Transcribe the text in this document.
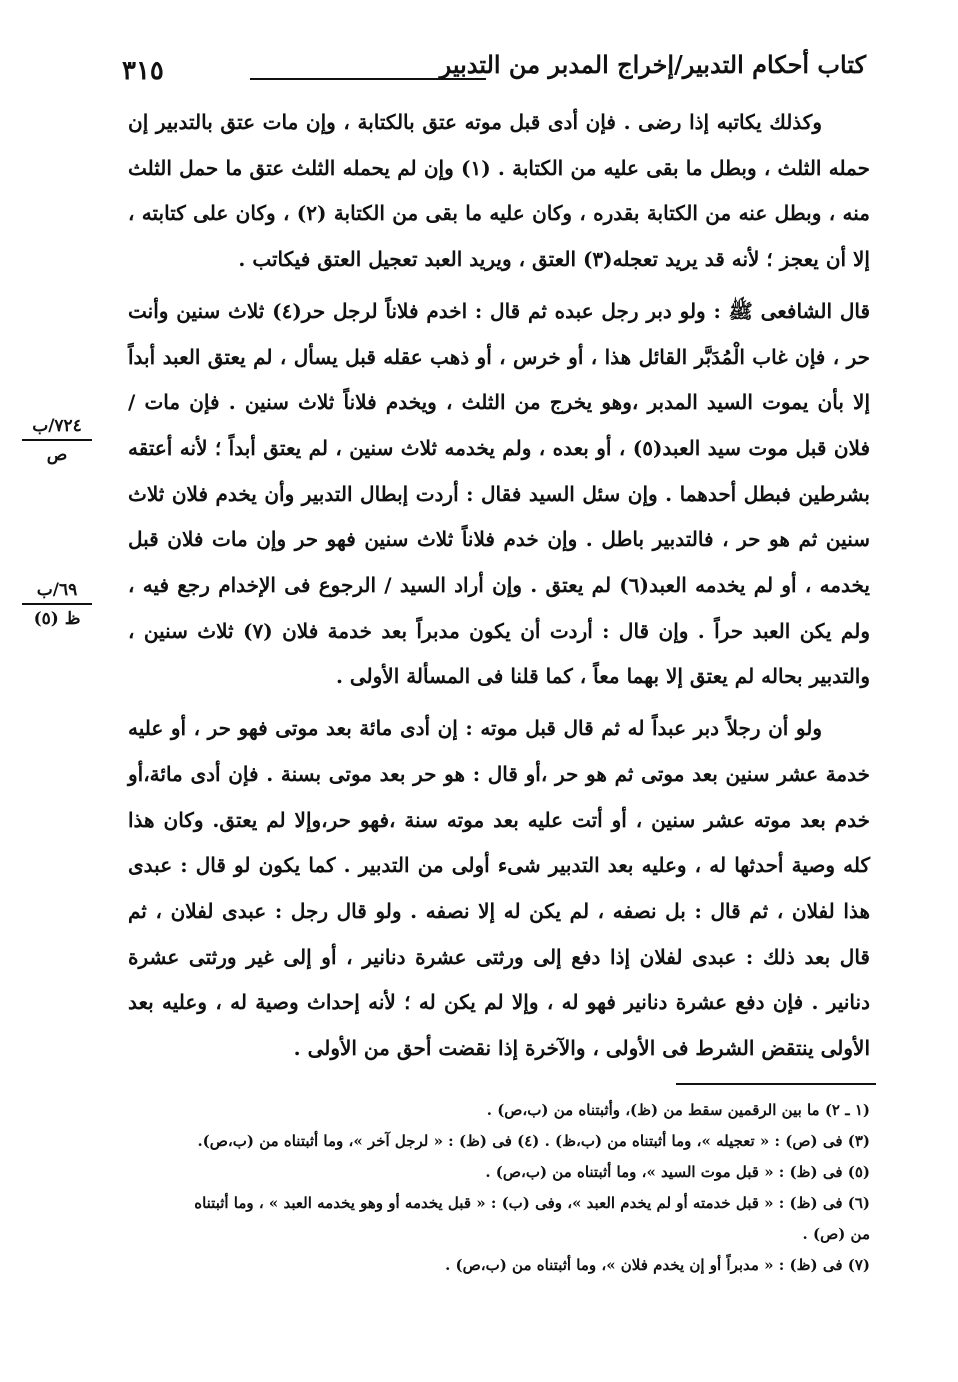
٣١٥	كتاب أحكام التدبير/إخراج المدبر من التدبير

وكذلك يكاتبه إذا رضى . فإن أدى قبل موته عتق بالكتابة ، وإن مات عتق بالتدبير إن حمله الثلث ، وبطل ما بقى عليه من الكتابة . (١) وإن لم يحمله الثلث عتق ما حمل الثلث منه ، وبطل عنه من الكتابة بقدره ، وكان عليه ما بقى من الكتابة (٢) ، وكان على كتابته ، إلا أن يعجز ؛ لأنه قد يريد تعجله(٣) العتق ، ويريد العبد تعجيل العتق فيكاتب .

قال الشافعى ﷺ : ولو دبر رجل عبده ثم قال : اخدم فلاناً لرجل حر(٤) ثلاث سنين وأنت حر ، فإن غاب الْمُدَبَّر القائل هذا ، أو خرس ، أو ذهب عقله قبل يسأل ، لم يعتق العبد أبداً إلا بأن يموت السيد المدبر ،وهو يخرج من الثلث ، ويخدم فلاناً ثلاث سنين . فإن مات / فلان قبل موت سيد العبد(٥) ، أو بعده ، ولم يخدمه ثلاث سنين ، لم يعتق أبداً ؛ لأنه أعتقه بشرطين فبطل أحدهما . وإن سئل السيد فقال : أردت إبطال التدبير وأن يخدم فلان ثلاث سنين ثم هو حر ، فالتدبير باطل . وإن خدم فلاناً ثلاث سنين فهو حر وإن مات فلان قبل يخدمه ، أو لم يخدمه العبد(٦) لم يعتق . وإن أراد السيد / الرجوع فى الإخدام رجع فيه ، ولم يكن العبد حراً . وإن قال : أردت أن يكون مدبراً بعد خدمة فلان (٧) ثلاث سنين ، والتدبير بحاله لم يعتق إلا بهما معاً ، كما قلنا فى المسألة الأولى .

ولو أن رجلاً دبر عبداً له ثم قال قبل موته : إن أدى مائة بعد موتى فهو حر ، أو عليه خدمة عشر سنين بعد موتى ثم هو حر ،أو قال : هو حر بعد موتى بسنة . فإن أدى مائة،أو خدم بعد موته عشر سنين ، أو أتت عليه بعد موته سنة ،فهو حر،وإلا لم يعتق. وكان هذا كله وصية أحدثها له ، وعليه بعد التدبير شىء أولى من التدبير . كما يكون لو قال : عبدى هذا لفلان ، ثم قال : بل نصفه ، لم يكن له إلا نصفه . ولو قال رجل : عبدى لفلان ، ثم قال بعد ذلك : عبدى لفلان إذا دفع إلى ورثتى عشرة دنانير ، أو إلى غير ورثتى عشرة دنانير . فإن دفع عشرة دنانير فهو له ، وإلا لم يكن له ؛ لأنه إحداث وصية له ، وعليه بعد الأولى ينتقض الشرط فى الأولى ، والآخرة إذا نقضت أحق من الأولى .

٧٢٤/ب
ص
٦٩/ب
ظ (٥)

(١ ـ ٢) ما بين الرقمين سقط من (ظ)، وأثبتناه من (ب،ص) .

(٣) فى (ص) : « تعجيله »، وما أثبتناه من (ب،ظ) . (٤) فى (ظ) : « لرجل آخر »، وما أثبتناه من (ب،ص).

(٥) فى (ظ) : « قبل موت السيد »، وما أثبتناه من (ب،ص) .

(٦) فى (ظ) : « قبل خدمته أو لم يخدم العبد »، وفى (ب) : « قبل يخدمه أو وهو يخدمه العبد » ، وما أثبتناه

من (ص) .

(٧) فى (ظ) : « مدبراً أو إن يخدم فلان »، وما أثبتناه من (ب،ص) .
